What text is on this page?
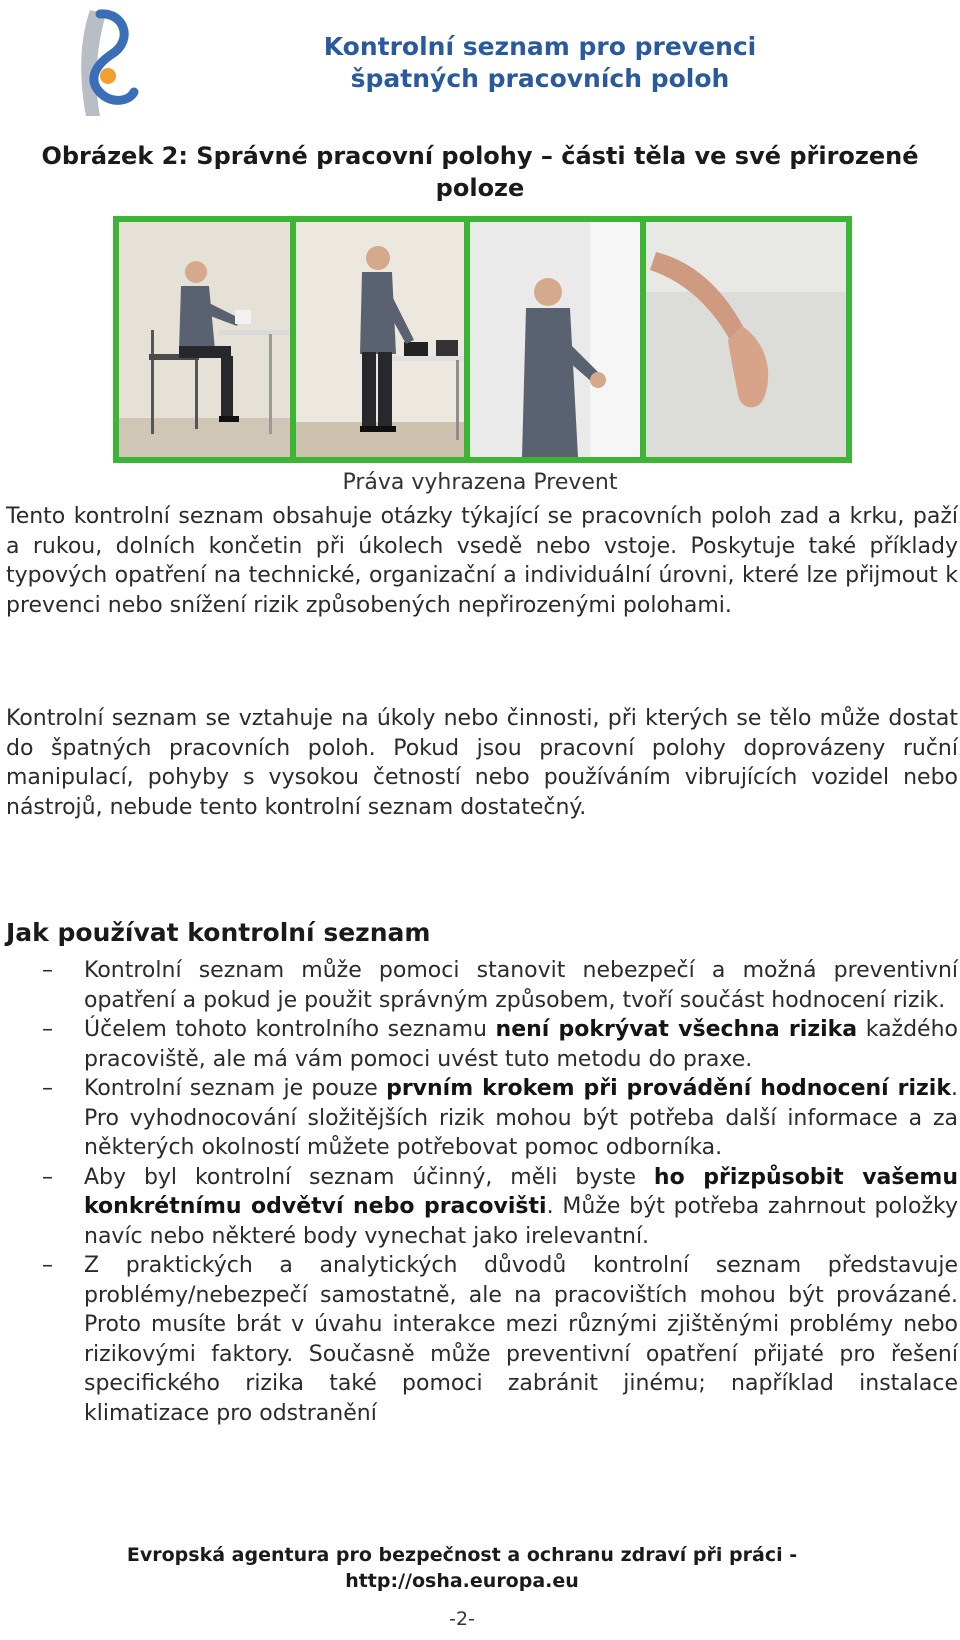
Kontrolní seznam pro prevenci
špatných pracovních poloh
Obrázek 2: Správné pracovní polohy – části těla ve své přirozené
poloze
Práva vyhrazena Prevent

Tento kontrolní seznam obsahuje otázky týkající se pracovních poloh zad a krku, paží a rukou, dolních končetin při úkolech vsedě nebo vstoje. Poskytuje také příklady typových opatření na technické, organizační a individuální úrovni, které lze přijmout k prevenci nebo snížení rizik způsobených nepřirozenými polohami.

Kontrolní seznam se vztahuje na úkoly nebo činnosti, při kterých se tělo může dostat do špatných pracovních poloh. Pokud jsou pracovní polohy doprovázeny ruční manipulací, pohyby s vysokou četností nebo používáním vibrujících vozidel nebo nástrojů, nebude tento kontrolní seznam dostatečný.

Jak používat kontrolní seznam
– Kontrolní seznam může pomoci stanovit nebezpečí a možná preventivní opatření a pokud je použit správným způsobem, tvoří součást hodnocení rizik.
– Účelem tohoto kontrolního seznamu není pokrývat všechna rizika každého pracoviště, ale má vám pomoci uvést tuto metodu do praxe.
– Kontrolní seznam je pouze prvním krokem při provádění hodnocení rizik. Pro vyhodnocování složitějších rizik mohou být potřeba další informace a za některých okolností můžete potřebovat pomoc odborníka.
– Aby byl kontrolní seznam účinný, měli byste ho přizpůsobit vašemu konkrétnímu odvětví nebo pracovišti. Může být potřeba zahrnout položky navíc nebo některé body vynechat jako irelevantní.
– Z praktických a analytických důvodů kontrolní seznam představuje problémy/nebezpečí samostatně, ale na pracovištích mohou být provázané. Proto musíte brát v úvahu interakce mezi různými zjištěnými problémy nebo rizikovými faktory. Současně může preventivní opatření přijaté pro řešení specifického rizika také pomoci zabránit jinému; například instalace klimatizace pro odstranění
Evropská agentura pro bezpečnost a ochranu zdraví při práci -
http://osha.europa.eu
-2-
